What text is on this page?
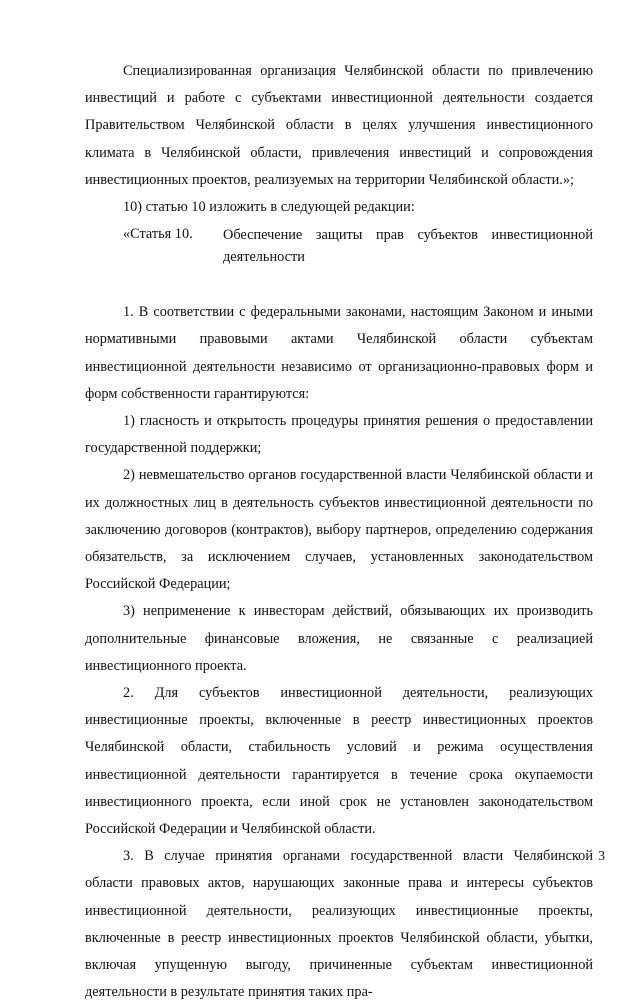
Специализированная организация Челябинской области по привлечению инвестиций и работе с субъектами инвестиционной деятельности создается Правительством Челябинской области в целях улучшения инвестиционного климата в Челябинской области, привлечения инвестиций и сопровождения инвестиционных проектов, реализуемых на территории Челябинской области.»;

10) статью 10 изложить в следующей редакции:

«Статья 10.	Обеспечение защиты прав субъектов инвестиционной деятельности

1. В соответствии с федеральными законами, настоящим Законом и иными нормативными правовыми актами Челябинской области субъектам инвестиционной деятельности независимо от организационно-правовых форм и форм собственности гарантируются:

1) гласность и открытость процедуры принятия решения о предоставлении государственной поддержки;

2) невмешательство органов государственной власти Челябинской области и их должностных лиц в деятельность субъектов инвестиционной деятельности по заключению договоров (контрактов), выбору партнеров, определению содержания обязательств, за исключением случаев, установленных законодательством Российской Федерации;

3) неприменение к инвесторам действий, обязывающих их производить дополнительные финансовые вложения, не связанные с реализацией инвестиционного проекта.

2. Для субъектов инвестиционной деятельности, реализующих инвестиционные проекты, включенные в реестр инвестиционных проектов Челябинской области, стабильность условий и режима осуществления инвестиционной деятельности гарантируется в течение срока окупаемости инвестиционного проекта, если иной срок не установлен законодательством Российской Федерации и Челябинской области.

3. В случае принятия органами государственной власти Челябинской области правовых актов, нарушающих законные права и интересы субъектов инвестиционной деятельности, реализующих инвестиционные проекты, включенные в реестр инвестиционных проектов Челябинской области, убытки, включая упущенную выгоду, причиненные субъектам инвестиционной деятельности в результате принятия таких пра-

3
